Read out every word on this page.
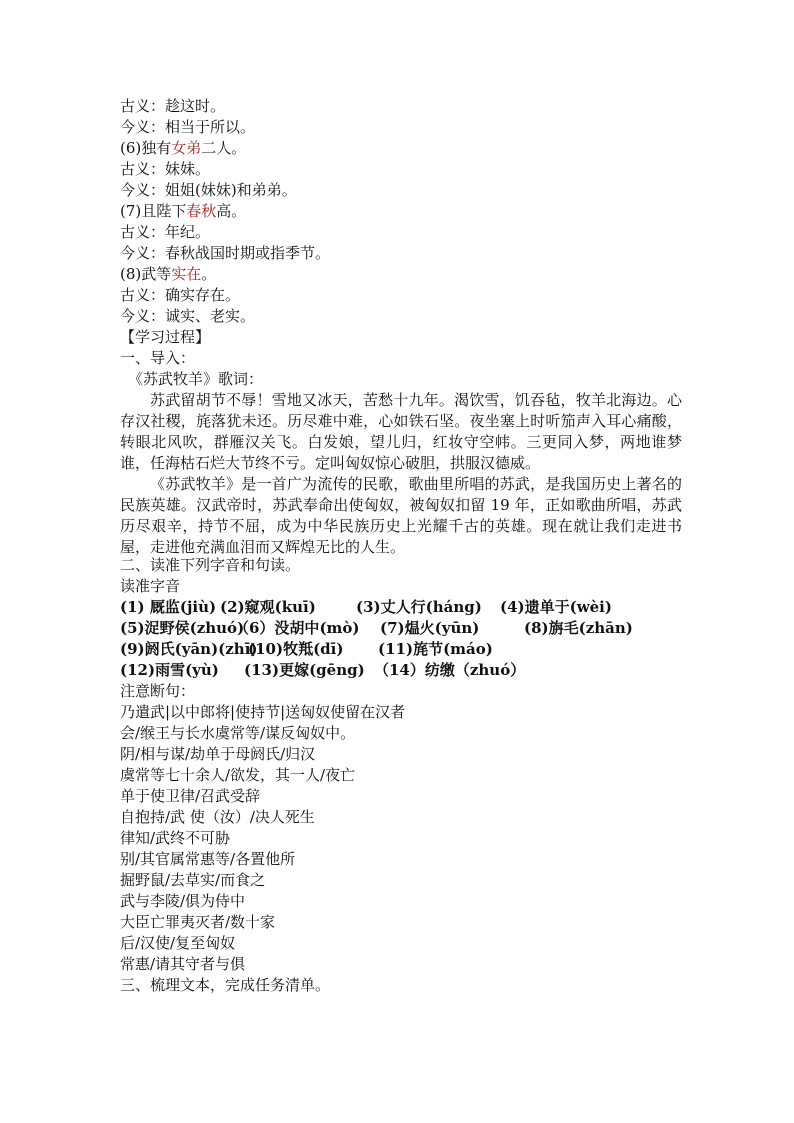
古义：趁这时。
今义：相当于所以。
(6)独有女弟二人。
古义：妹妹。
今义：姐姐(妹妹)和弟弟。
(7)且陛下春秋高。
古义：年纪。
今义：春秋战国时期或指季节。
(8)武等实在。
古义：确实存在。
今义：诚实、老实。
【学习过程】
一、导入：
《苏武牧羊》歌词：
苏武留胡节不辱！雪地又冰天，苦愁十九年。渴饮雪，饥吞毡，牧羊北海边。心存汉社稷，旄落犹未还。历尽难中难，心如铁石坚。夜坐塞上时听笳声入耳心痛酸，转眼北风吹，群雁汉关飞。白发娘，望儿归，红妆守空帏。三更同入梦，两地谁梦谁，任海枯石烂大节终不亏。定叫匈奴惊心破胆，拱服汉德威。
《苏武牧羊》是一首广为流传的民歌，歌曲里所唱的苏武，是我国历史上著名的民族英雄。汉武帝时，苏武奉命出使匈奴，被匈奴扣留 19 年，正如歌曲所唱，苏武历尽艰辛，持节不屈，成为中华民族历史上光耀千古的英雄。现在就让我们走进书屋，走进他充满血泪而又辉煌无比的人生。
二、读准下列字音和句读。
读准字音
(1) 厩监(jiù) (2)窥观(kuī)	(3)丈人行(háng) (4)遗单于(wèi)
(5)浞野侯(zhuó)
（6）没胡中(mò) (7)煴火(yūn)	(8)旃毛(zhān)
(9)阏氏(yān)(zhī)
(10)牧羝(dī) (11)旄节(máo)
(12)雨雪(yù) (13)更嫁(gēng) （14）纺缴（zhuó）
注意断句：
乃遣武|以中郎将|使持节|送匈奴使留在汉者
会/缑王与长水虞常等/谋反匈奴中。
阴/相与谋/劫单于母阏氏/归汉
虞常等七十余人/欲发，其一人/夜亡
单于使卫律/召武受辞
自抱持/武 使（汝）/决人死生
律知/武终不可胁
别/其官属常惠等/各置他所
掘野鼠/去草实/而食之
武与李陵/俱为侍中
大臣亡罪夷灭者/数十家
后/汉使/复至匈奴
常惠/请其守者与俱
三、梳理文本，完成任务清单。
